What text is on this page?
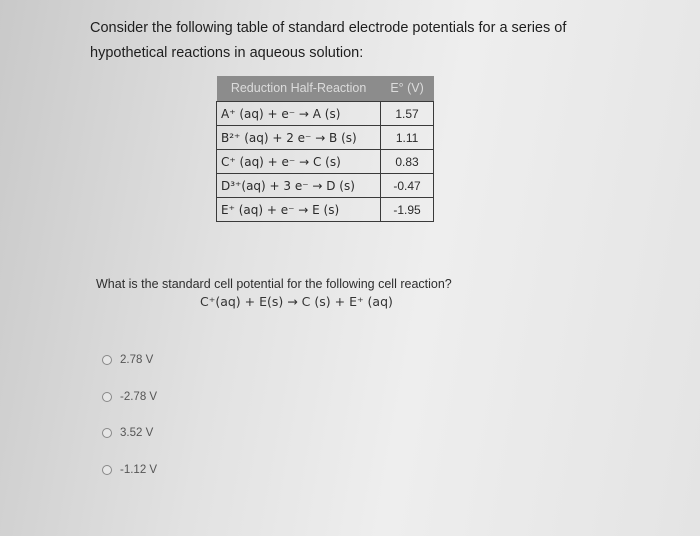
Consider the following table of standard electrode potentials for a series of hypothetical reactions in aqueous solution:
Reduction Half-Reaction	E° (V)
A⁺ (aq) + e⁻ → A (s)	1.57
B²⁺ (aq) + 2 e⁻ → B (s)	1.11
C⁺ (aq) + e⁻ → C (s)	0.83
D³⁺(aq) + 3 e⁻ → D (s)	-0.47
E⁺ (aq) + e⁻ → E (s)	-1.95
What is the standard cell potential for the following cell reaction?
C⁺(aq) + E(s) → C (s) + E⁺ (aq)
2.78 V
-2.78 V
3.52 V
-1.12 V
